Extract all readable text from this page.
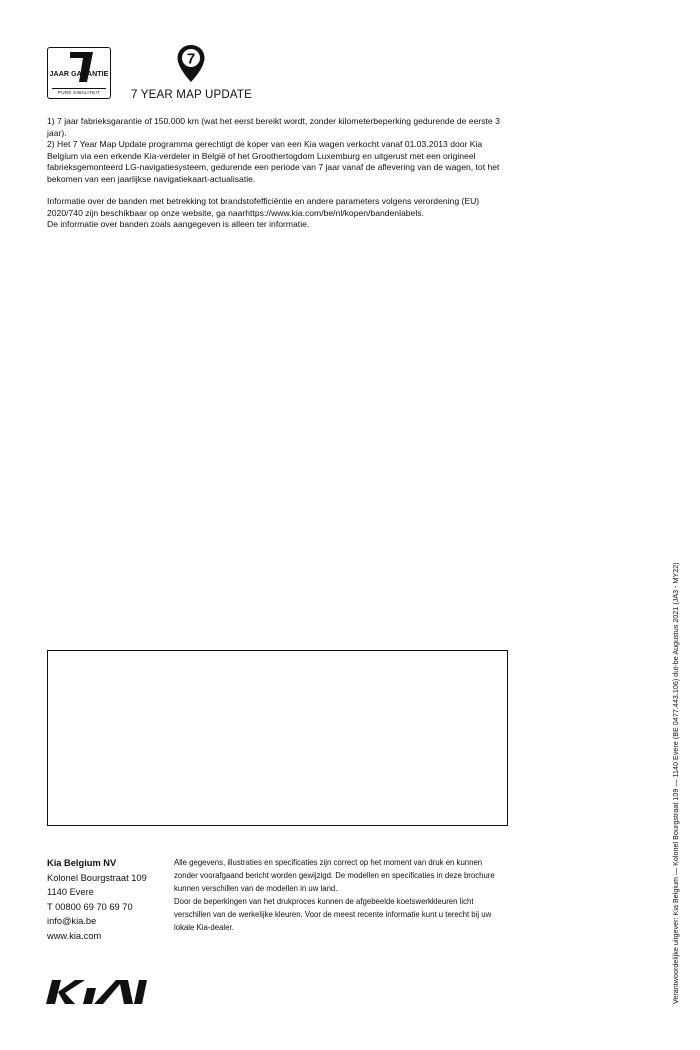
JAAR GARANTIE
PURE KWALITEIT
7
7 YEAR MAP UPDATE

1) 7 jaar fabrieksgarantie of 150.000 km (wat het eerst bereikt wordt, zonder kilometerbeperking gedurende de eerste 3 jaar).

2) Het 7 Year Map Update programma gerechtigt de koper van een Kia wagen verkocht vanaf 01.03.2013 door Kia Belgium via een erkende Kia-verdeler in België of het Groothertogdom Luxemburg en uitgerust met een origineel fabrieksgemonteerd LG-navigatiesysteem, gedurende een periode van 7 jaar vanaf de aflevering van de wagen, tot het bekomen van een jaarlijkse navigatiekaart-actualisatie.

Informatie over de banden met betrekking tot brandstofefficiëntie en andere parameters volgens verordening (EU) 2020/740 zijn beschikbaar op onze website, ga naarhttps://www.kia.com/be/nl/kopen/bandenlabels.

De informatie over banden zoals aangegeven is alleen ter informatie.

Kia Belgium NV
Kolonel Bourgstraat 109
1140 Evere
T 00800 69 70 69 70
info@kia.be
www.kia.com

Alle gegevens, illustraties en specificaties zijn correct op het moment van druk en kunnen zonder voorafgaand bericht worden gewijzigd. De modellen en specificaties in deze brochure kunnen verschillen van de modellen in uw land.

Door de beperkingen van het drukproces kunnen de afgebeelde koetswerkkleuren licht verschillen van de werkelijke kleuren. Voor de meest recente informatie kunt u terecht bij uw lokale Kia-dealer.	Verantwoordelijke uitgever: Kia Belgium — Kolonel Bourgstraat 109 — 1140 Evere (BE 0477.443.106) dut-be Augustus 2021 (JA3 - MY22)
